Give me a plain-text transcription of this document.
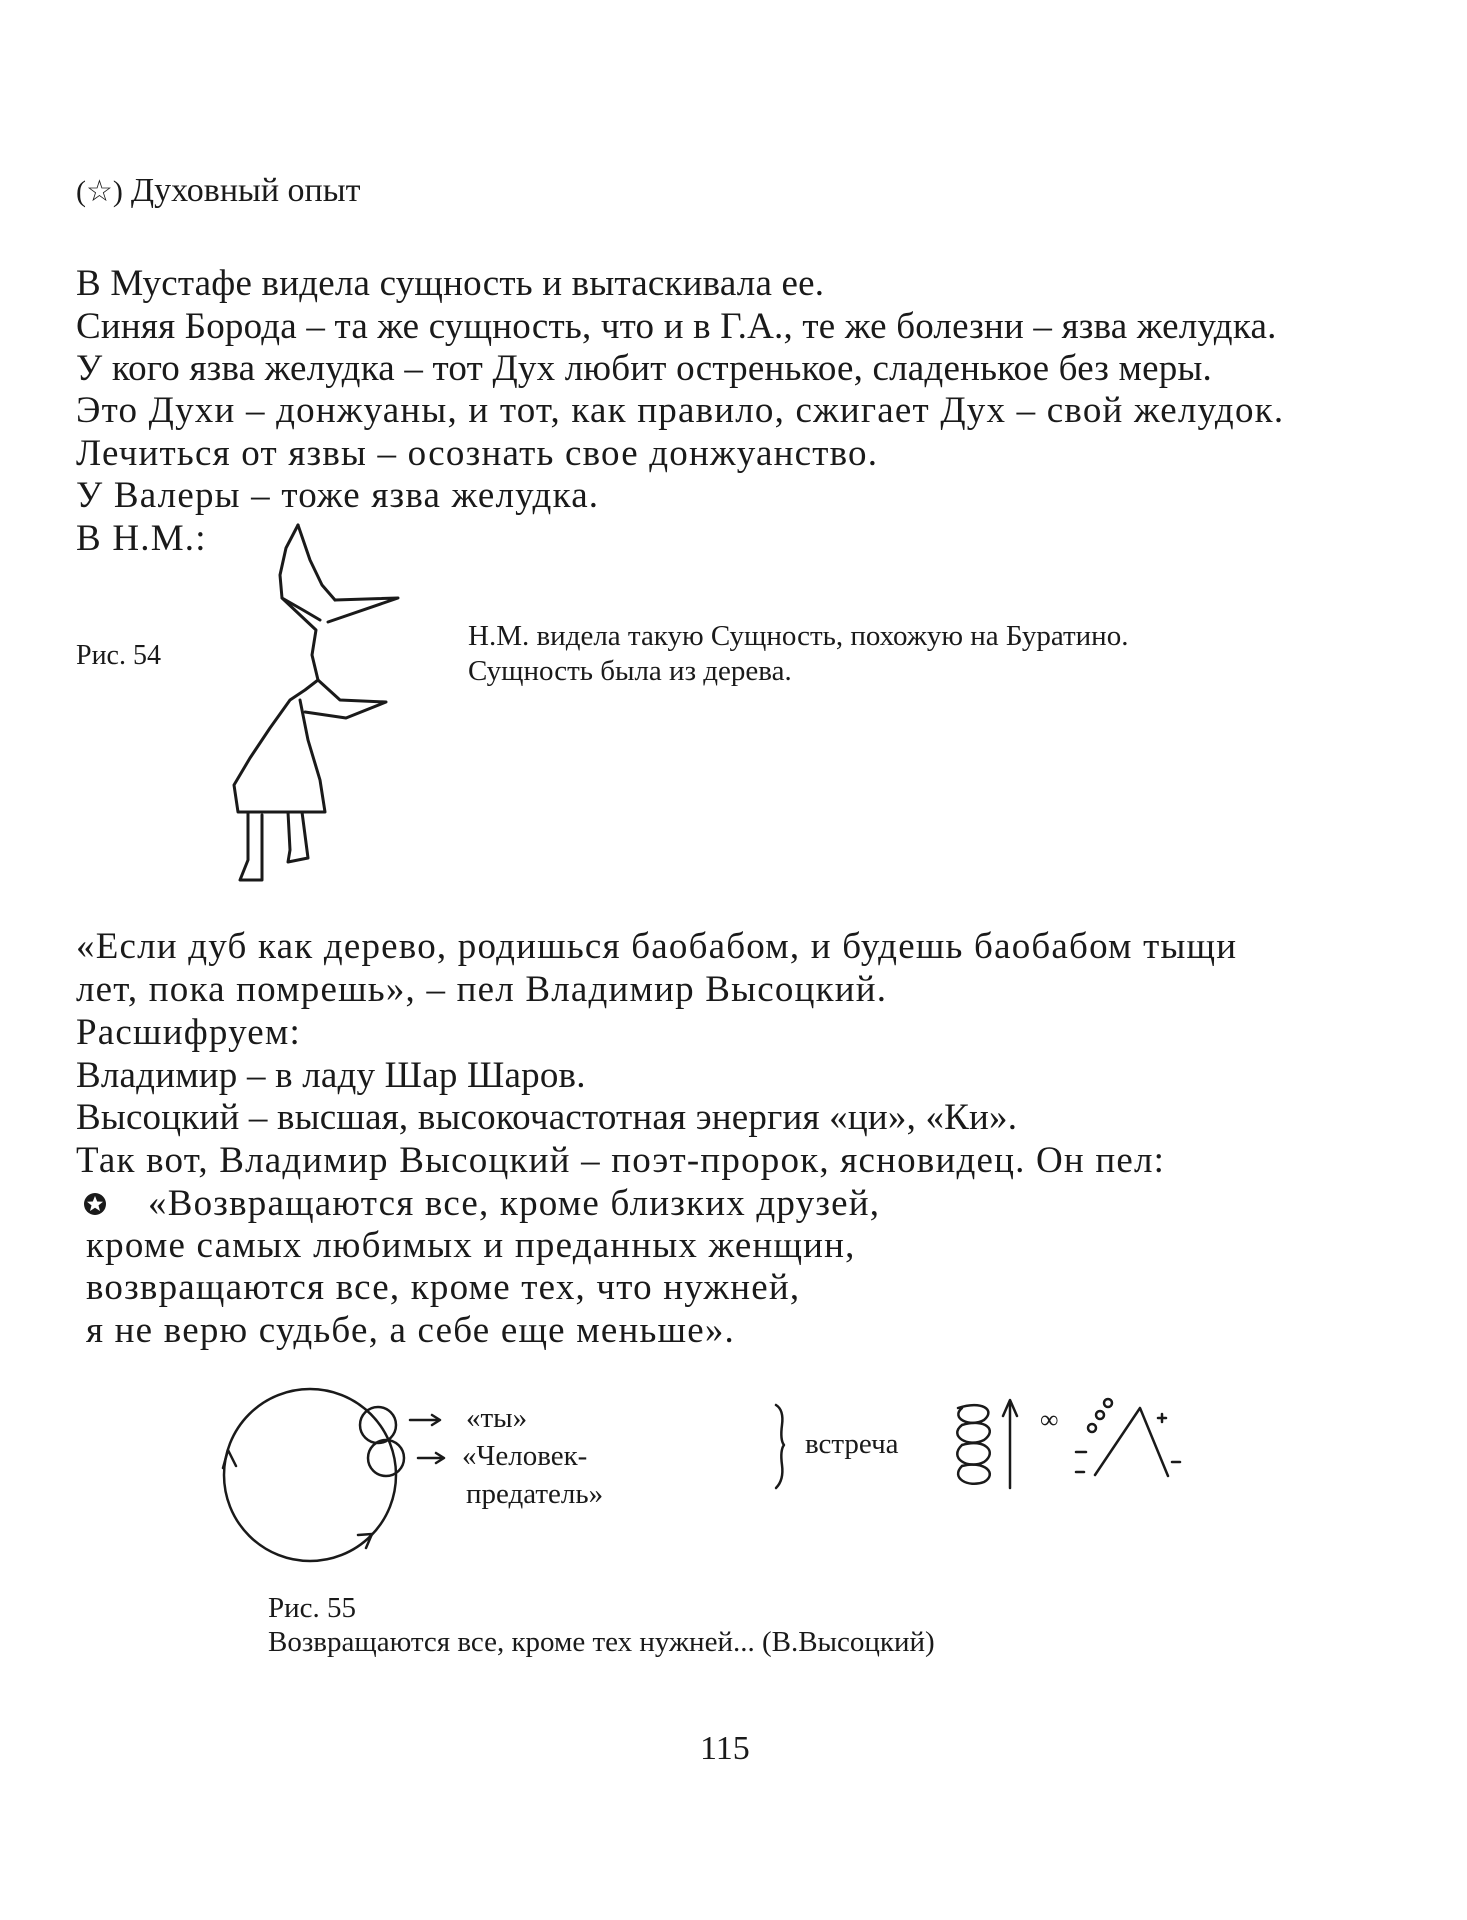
(☆) Духовный опыт
В Мустафе видела сущность и вытаскивала ее.
Синяя Борода – та же сущность, что и в Г.А., те же болезни – язва желудка.
У кого язва желудка – тот Дух любит остренькое, сладенькое без меры.
Это Духи – донжуаны, и тот, как правило, сжигает Дух – свой желудок.
Лечиться от язвы – осознать свое донжуанство.
У Валеры – тоже язва желудка.
В Н.М.:
Рис. 54
Н.М. видела такую Сущность, похожую на Буратино.
Сущность была из дерева.
«Если дуб как дерево, родишься баобабом, и будешь баобабом тыщи
лет, пока помрешь», – пел Владимир Высоцкий.
Расшифруем:
Владимир – в ладу Шар Шаров.
Высоцкий – высшая, высокочастотная энергия «ци», «Ки».
Так вот, Владимир Высоцкий – поэт-пророк, ясновидец. Он пел:
«Возвращаются все, кроме близких друзей,
кроме самых любимых и преданных женщин,
возвращаются все, кроме тех, что нужней,
я не верю судьбе, а себе еще меньше».
∞
«ты»
«Человек-
предатель»
встреча
Рис. 55
Возвращаются все, кроме тех нужней... (В.Высоцкий)
115
